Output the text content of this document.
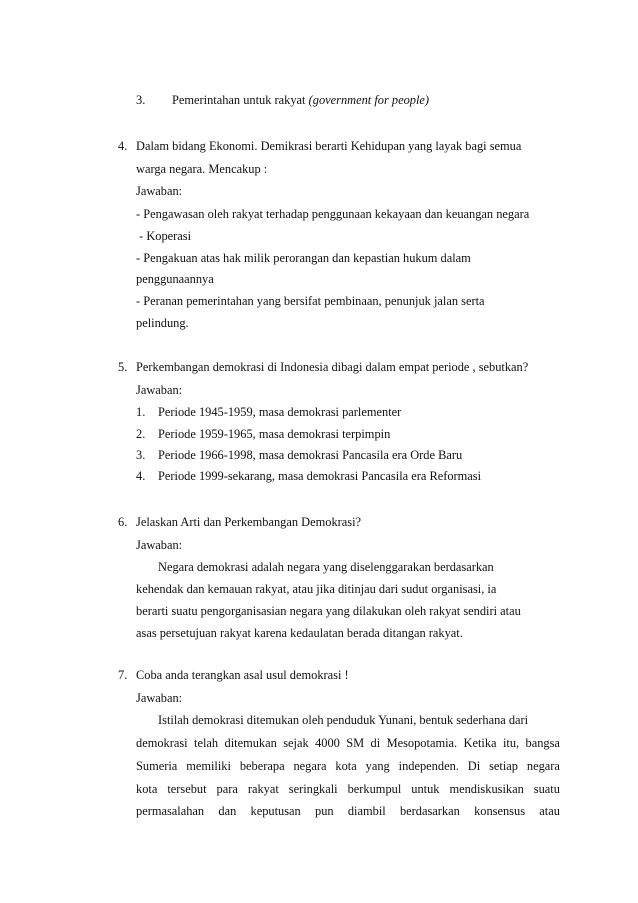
3. Pemerintahan untuk rakyat (government for people)
4. Dalam bidang Ekonomi. Demikrasi berarti Kehidupan yang layak bagi semua
warga negara. Mencakup :
Jawaban:
- Pengawasan oleh rakyat terhadap penggunaan kekayaan dan keuangan negara
- Koperasi
- Pengakuan atas hak milik perorangan dan kepastian hukum dalam
penggunaannya
- Peranan pemerintahan yang bersifat pembinaan, penunjuk jalan serta
pelindung.
5. Perkembangan demokrasi di Indonesia dibagi dalam empat periode , sebutkan?
Jawaban:
1. Periode 1945-1959, masa demokrasi parlementer
2. Periode 1959-1965, masa demokrasi terpimpin
3. Periode 1966-1998, masa demokrasi Pancasila era Orde Baru
4. Periode 1999-sekarang, masa demokrasi Pancasila era Reformasi
6. Jelaskan Arti dan Perkembangan Demokrasi?
Jawaban:
Negara demokrasi adalah negara yang diselenggarakan berdasarkan
kehendak dan kemauan rakyat, atau jika ditinjau dari sudut organisasi, ia
berarti suatu pengorganisasian negara yang dilakukan oleh rakyat sendiri atau
asas persetujuan rakyat karena kedaulatan berada ditangan rakyat.
7. Coba anda terangkan asal usul demokrasi !
Jawaban:
Istilah demokrasi ditemukan oleh penduduk Yunani, bentuk sederhana dari
demokrasi telah ditemukan sejak 4000 SM di Mesopotamia. Ketika itu, bangsa
Sumeria memiliki beberapa negara kota yang independen. Di setiap negara
kota tersebut para rakyat seringkali berkumpul untuk mendiskusikan suatu
permasalahan dan keputusan pun diambil berdasarkan konsensus atau
